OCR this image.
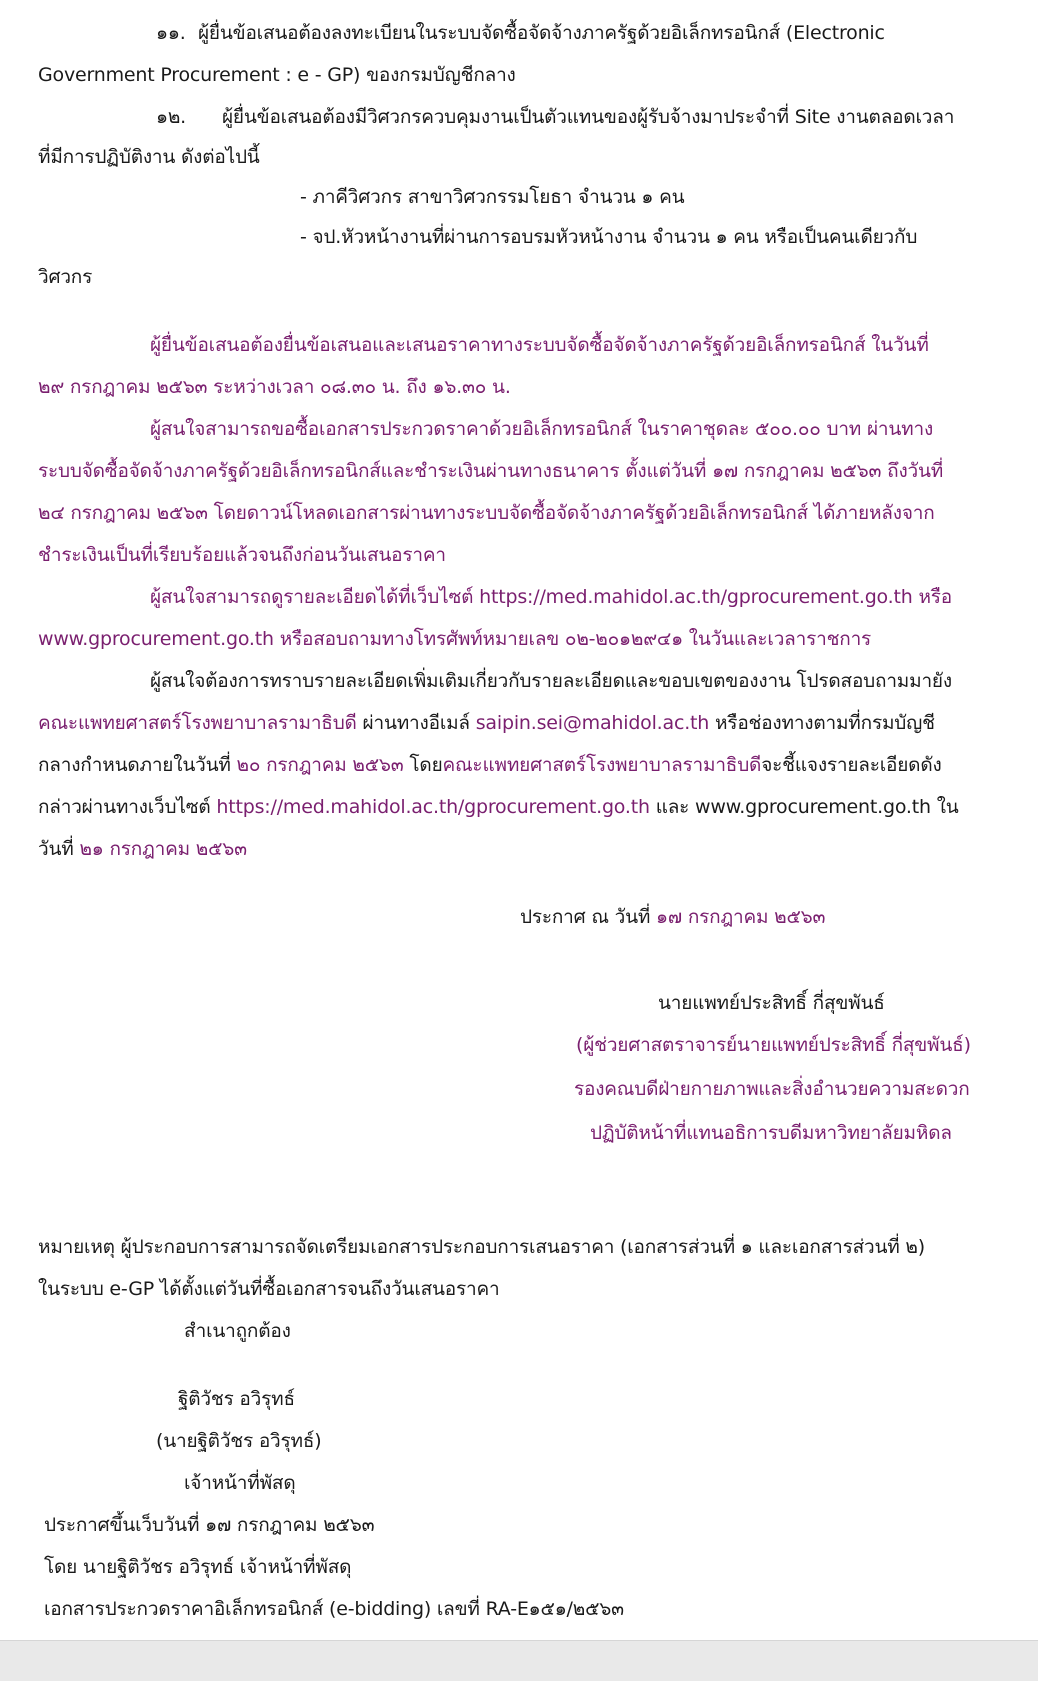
๑๑. ผู้ยื่นข้อเสนอต้องลงทะเบียนในระบบจัดซื้อจัดจ้างภาครัฐด้วยอิเล็กทรอนิกส์ (Electronic
Government Procurement : e - GP) ของกรมบัญชีกลาง
๑๒. ผู้ยื่นข้อเสนอต้องมีวิศวกรควบคุมงานเป็นตัวแทนของผู้รับจ้างมาประจำที่ Site งานตลอดเวลา
ที่มีการปฏิบัติงาน ดังต่อไปนี้
- ภาคีวิศวกร สาขาวิศวกรรมโยธา จำนวน ๑ คน
- จป.หัวหน้างานที่ผ่านการอบรมหัวหน้างาน จำนวน ๑ คน หรือเป็นคนเดียวกับ
วิศวกร
ผู้ยื่นข้อเสนอต้องยื่นข้อเสนอและเสนอราคาทางระบบจัดซื้อจัดจ้างภาครัฐด้วยอิเล็กทรอนิกส์ ในวันที่
๒๙ กรกฎาคม ๒๕๖๓ ระหว่างเวลา ๐๘.๓๐ น. ถึง ๑๖.๓๐ น.
ผู้สนใจสามารถขอซื้อเอกสารประกวดราคาด้วยอิเล็กทรอนิกส์ ในราคาชุดละ ๕๐๐.๐๐ บาท ผ่านทาง
ระบบจัดซื้อจัดจ้างภาครัฐด้วยอิเล็กทรอนิกส์และชำระเงินผ่านทางธนาคาร ตั้งแต่วันที่ ๑๗ กรกฎาคม ๒๕๖๓ ถึงวันที่
๒๔ กรกฎาคม ๒๕๖๓ โดยดาวน์โหลดเอกสารผ่านทางระบบจัดซื้อจัดจ้างภาครัฐด้วยอิเล็กทรอนิกส์ ได้ภายหลังจาก
ชำระเงินเป็นที่เรียบร้อยแล้วจนถึงก่อนวันเสนอราคา
ผู้สนใจสามารถดูรายละเอียดได้ที่เว็บไซต์ https://med.mahidol.ac.th/gprocurement.go.th หรือ
www.gprocurement.go.th หรือสอบถามทางโทรศัพท์หมายเลข ๐๒-๒๐๑๒๙๔๑ ในวันและเวลาราชการ
ผู้สนใจต้องการทราบรายละเอียดเพิ่มเติมเกี่ยวกับรายละเอียดและขอบเขตของงาน โปรดสอบถามมายัง
คณะแพทยศาสตร์โรงพยาบาลรามาธิบดี ผ่านทางอีเมล์ saipin.sei@mahidol.ac.th หรือช่องทางตามที่กรมบัญชี
กลางกำหนดภายในวันที่ ๒๐ กรกฎาคม ๒๕๖๓ โดยคณะแพทยศาสตร์โรงพยาบาลรามาธิบดีจะชี้แจงรายละเอียดดัง
กล่าวผ่านทางเว็บไซต์ https://med.mahidol.ac.th/gprocurement.go.th และ www.gprocurement.go.th ใน
วันที่ ๒๑ กรกฎาคม ๒๕๖๓
ประกาศ ณ วันที่ ๑๗ กรกฎาคม ๒๕๖๓
นายแพทย์ประสิทธิ์ กี่สุขพันธ์
(ผู้ช่วยศาสตราจารย์นายแพทย์ประสิทธิ์ กี่สุขพันธ์)
รองคณบดีฝ่ายกายภาพและสิ่งอำนวยความสะดวก
ปฏิบัติหน้าที่แทนอธิการบดีมหาวิทยาลัยมหิดล
หมายเหตุ ผู้ประกอบการสามารถจัดเตรียมเอกสารประกอบการเสนอราคา (เอกสารส่วนที่ ๑ และเอกสารส่วนที่ ๒)
ในระบบ e-GP ได้ตั้งแต่วันที่ซื้อเอกสารจนถึงวันเสนอราคา
สำเนาถูกต้อง
ฐิติวัชร อวิรุทธ์
(นายฐิติวัชร อวิรุทธ์)
เจ้าหน้าที่พัสดุ
ประกาศขึ้นเว็บวันที่ ๑๗ กรกฎาคม ๒๕๖๓
โดย นายฐิติวัชร อวิรุทธ์ เจ้าหน้าที่พัสดุ
เอกสารประกวดราคาอิเล็กทรอนิกส์ (e-bidding) เลขที่ RA-E๑๕๑/๒๕๖๓
